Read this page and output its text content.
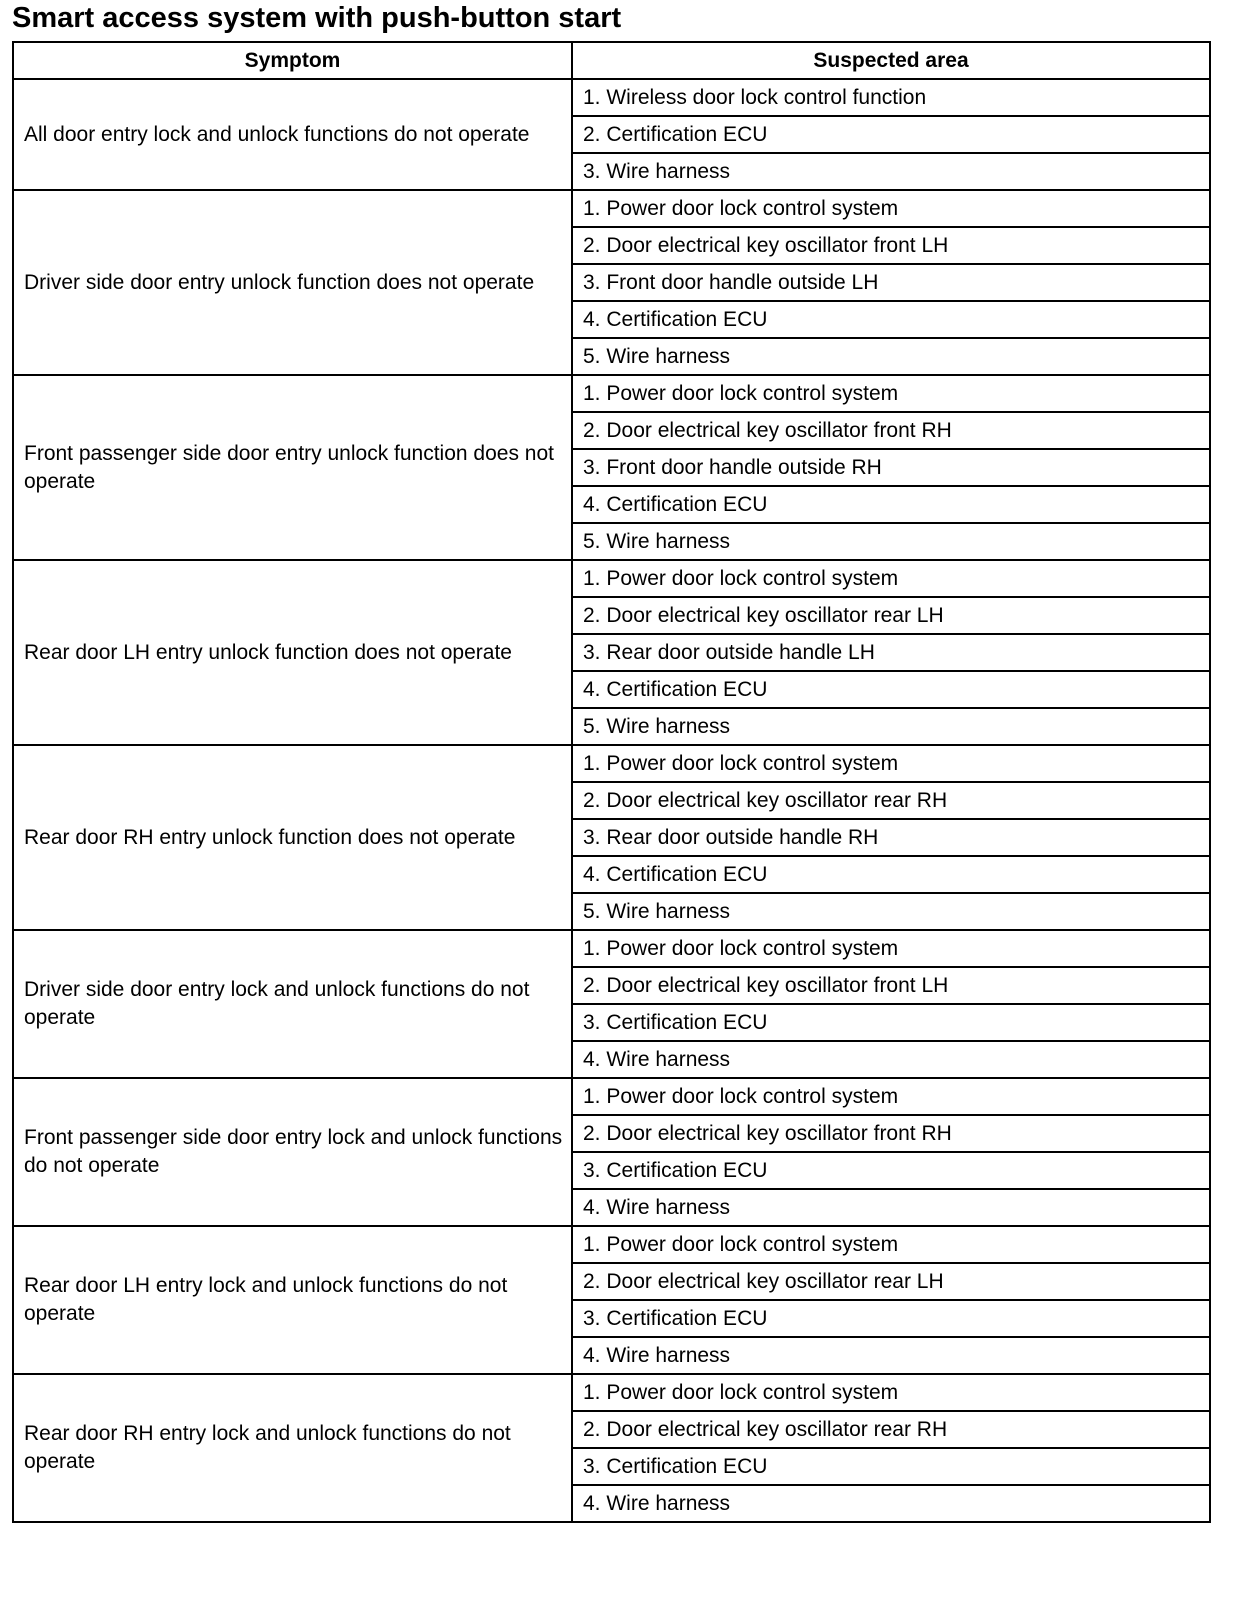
Smart access system with push-button start
Symptom	Suspected area
All door entry lock and unlock functions do not operate	1. Wireless door lock control function
	2. Certification ECU
	3. Wire harness
Driver side door entry unlock function does not operate	1. Power door lock control system
	2. Door electrical key oscillator front LH
	3. Front door handle outside LH
	4. Certification ECU
	5. Wire harness
Front passenger side door entry unlock function does not operate	1. Power door lock control system
	2. Door electrical key oscillator front RH
	3. Front door handle outside RH
	4. Certification ECU
	5. Wire harness
Rear door LH entry unlock function does not operate	1. Power door lock control system
	2. Door electrical key oscillator rear LH
	3. Rear door outside handle LH
	4. Certification ECU
	5. Wire harness
Rear door RH entry unlock function does not operate	1. Power door lock control system
	2. Door electrical key oscillator rear RH
	3. Rear door outside handle RH
	4. Certification ECU
	5. Wire harness
Driver side door entry lock and unlock functions do not operate	1. Power door lock control system
	2. Door electrical key oscillator front LH
	3. Certification ECU
	4. Wire harness
Front passenger side door entry lock and unlock functions do not operate	1. Power door lock control system
	2. Door electrical key oscillator front RH
	3. Certification ECU
	4. Wire harness
Rear door LH entry lock and unlock functions do not operate	1. Power door lock control system
	2. Door electrical key oscillator rear LH
	3. Certification ECU
	4. Wire harness
Rear door RH entry lock and unlock functions do not operate	1. Power door lock control system
	2. Door electrical key oscillator rear RH
	3. Certification ECU
	4. Wire harness
